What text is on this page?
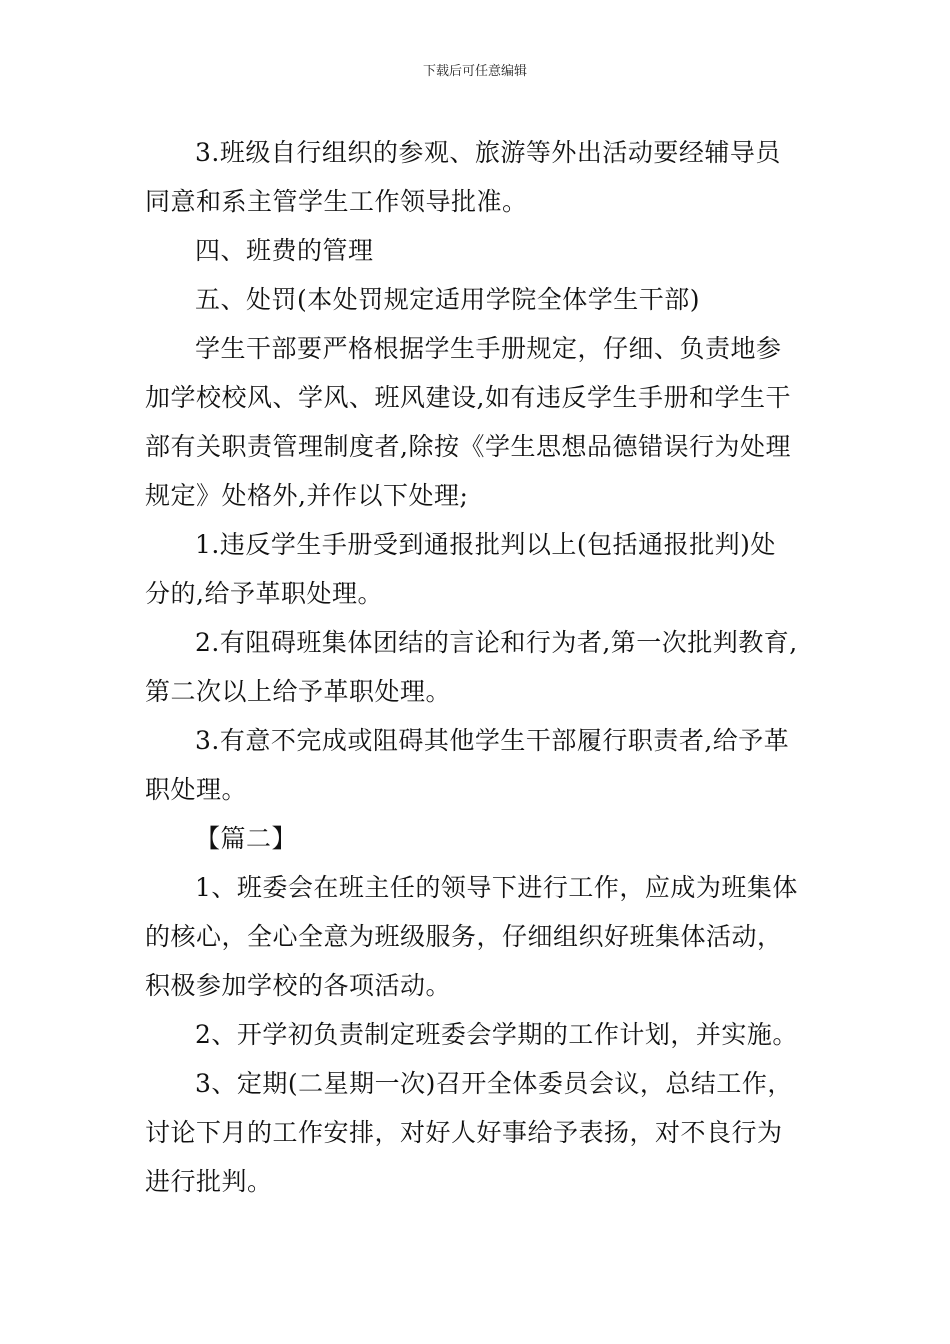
下载后可任意编辑

3.班级自行组织的参观、旅游等外出活动要经辅导员
同意和系主管学生工作领导批准。

四、班费的管理

五、处罚(本处罚规定适用学院全体学生干部)

学生干部要严格根据学生手册规定，仔细、负责地参
加学校校风、学风、班风建设,如有违反学生手册和学生干
部有关职责管理制度者,除按《学生思想品德错误行为处理
规定》处格外,并作以下处理;

1.违反学生手册受到通报批判以上(包括通报批判)处
分的,给予革职处理。

2.有阻碍班集体团结的言论和行为者,第一次批判教育,
第二次以上给予革职处理。

3.有意不完成或阻碍其他学生干部履行职责者,给予革
职处理。

【篇二】

1、班委会在班主任的领导下进行工作，应成为班集体
的核心，全心全意为班级服务，仔细组织好班集体活动，
积极参加学校的各项活动。

2、开学初负责制定班委会学期的工作计划，并实施。

3、定期(二星期一次)召开全体委员会议，总结工作，
讨论下月的工作安排，对好人好事给予表扬，对不良行为
进行批判。
